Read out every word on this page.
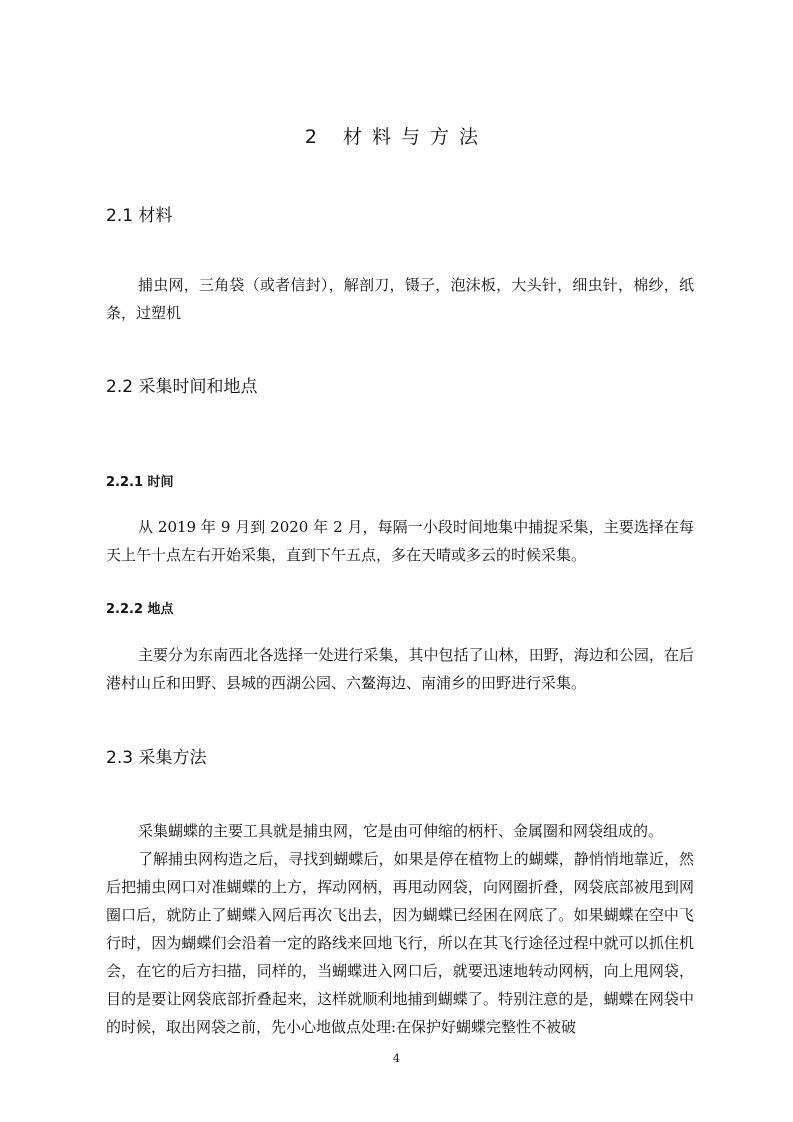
2 材料与方法
2.1 材料
捕虫网，三角袋（或者信封），解剖刀，镊子，泡沫板，大头针，细虫针，棉纱，纸条，过塑机
2.2 采集时间和地点
2.2.1 时间
从 2019 年 9 月到 2020 年 2 月，每隔一小段时间地集中捕捉采集，主要选择在每天上午十点左右开始采集，直到下午五点，多在天晴或多云的时候采集。
2.2.2 地点
主要分为东南西北各选择一处进行采集，其中包括了山林，田野，海边和公园，在后港村山丘和田野、县城的西湖公园、六鳌海边、南浦乡的田野进行采集。
2.3 采集方法
采集蝴蝶的主要工具就是捕虫网，它是由可伸缩的柄杆、金属圈和网袋组成的。
了解捕虫网构造之后，寻找到蝴蝶后，如果是停在植物上的蝴蝶，静悄悄地靠近，然后把捕虫网口对准蝴蝶的上方，挥动网柄，再甩动网袋，向网圈折叠，网袋底部被甩到网圈口后，就防止了蝴蝶入网后再次飞出去，因为蝴蝶已经困在网底了。如果蝴蝶在空中飞行时，因为蝴蝶们会沿着一定的路线来回地飞行，所以在其飞行途径过程中就可以抓住机会，在它的后方扫描，同样的，当蝴蝶进入网口后，就要迅速地转动网柄，向上甩网袋，目的是要让网袋底部折叠起来，这样就顺利地捕到蝴蝶了。特别注意的是，蝴蝶在网袋中的时候，取出网袋之前，先小心地做点处理:在保护好蝴蝶完整性不被破
4
